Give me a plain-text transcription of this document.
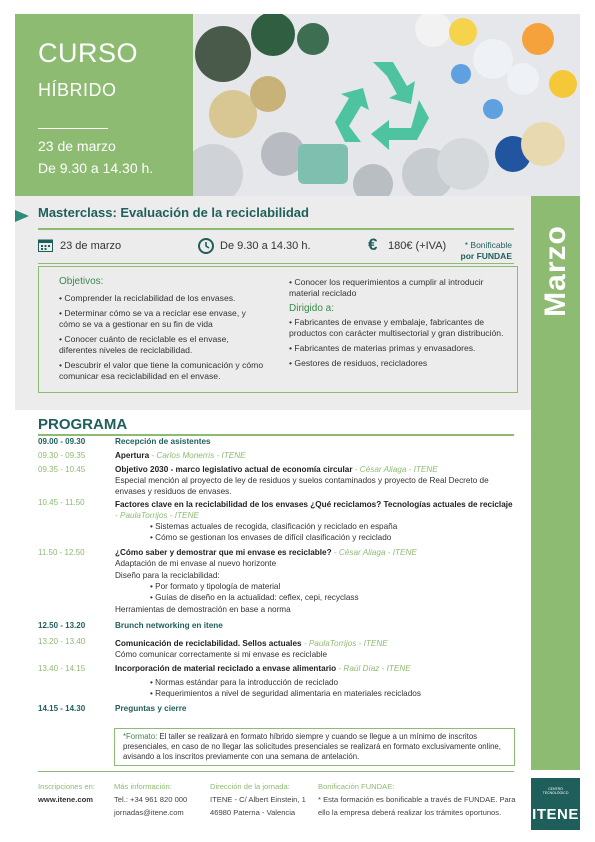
CURSO
HÍBRIDO
23 de marzo
De 9.30 a 14.30 h.
Marzo
Masterclass: Evaluación de la reciclabilidad
23 de marzo	De 9.30 a 14.30 h.	€ 180€ (+IVA)	* Bonificable
por FUNDAE
Objetivos:
• Comprender la reciclabilidad de los envases.
• Determinar cómo se va a reciclar ese envase, y cómo se va a gestionar en su fin de vida
• Conocer cuánto de reciclable es el envase, diferentes niveles de reciclabilidad.
• Descubrir el valor que tiene la comunicación y cómo comunicar esa reciclabilidad en el envase.
• Conocer los requerimientos a cumplir al introducir material reciclado
Dirigido a:
• Fabricantes de envase y embalaje, fabricantes de productos con carácter multisectorial y gran distribución.
• Fabricantes de materias primas y envasadores.
• Gestores de residuos, recicladores
PROGRAMA
09.00 - 09.30	Recepción de asistentes
09.30 - 09.35	Apertura - Carlos Monerris - ITENE
09.35 - 10.45	Objetivo 2030 - marco legislativo actual de economía circular - César Aliaga - ITENE
Especial mención al proyecto de ley de residuos y suelos contaminados y proyecto de Real Decreto de envases y residuos de envases.
10.45 - 11.50	Factores clave en la reciclabilidad de los envases ¿Qué reciclamos? Tecnologías actuales de reciclaje - PaulaTorrijos - ITENE
• Sistemas actuales de recogida, clasificación y reciclado en españa
• Cómo se gestionan los envases de difícil clasificación y reciclado
11.50 - 12.50	¿Cómo saber y demostrar que mi envase es reciclable? - César Aliaga - ITENE
Adaptación de mi envase al nuevo horizonte
Diseño para la reciclabilidad:
• Por formato y tipología de material
• Guías de diseño en la actualidad: ceflex, cepi, recyclass
Herramientas de demostración en base a norma
12.50 - 13.20	Brunch networking en itene
13.20 - 13.40	Comunicación de reciclabilidad. Sellos actuales - PaulaTorrijos - ITENE
Cómo comunicar correctamente si mi envase es reciclable
13.40 - 14.15	Incorporación de material reciclado a envase alimentario - Raúl Díaz - ITENE
• Normas estándar para la introducción de reciclado
• Requerimientos a nivel de seguridad alimentaria en materiales reciclados
14.15 - 14.30	Preguntas y cierre
*Formato: El taller se realizará en formato híbrido siempre y cuando se llegue a un mínimo de inscritos presenciales, en caso de no llegar las solicitudes presenciales se realizará en formato exclusivamente online, avisando a los inscritos previamente con una semana de antelación.
Inscripciones en:
www.itene.com
Más información:
Tel.: +34 961 820 000
jornadas@itene.com
Dirección de la jornada:
ITENE - C/ Albert Einstein, 1
46980 Paterna - Valencia
Bonificación FUNDAE:
* Esta formación es bonificable a través de FUNDAE. Para
ello la empresa deberá realizar los trámites oportunos.
CENTRO
TECNOLÓGICO
ITENE
